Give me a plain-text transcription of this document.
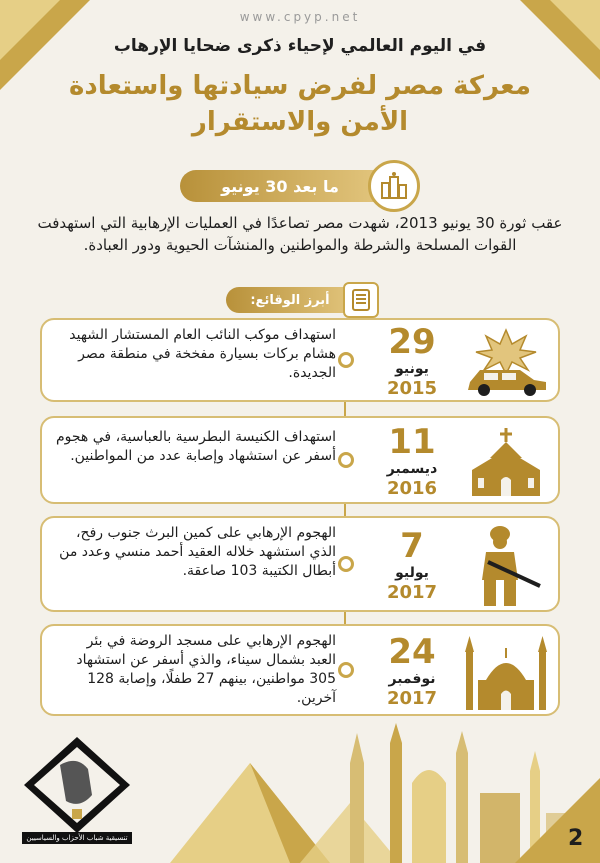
www.cpyp.net
في اليوم العالمي لإحياء ذكرى ضحايا الإرهاب
معركة مصر لفرض سيادتها واستعادة الأمن والاستقرار
ما بعد 30 يونيو
عقب ثورة 30 يونيو 2013، شهدت مصر تصاعدًا في العمليات الإرهابية التي استهدفت القوات المسلحة والشرطة والمواطنين والمنشآت الحيوية ودور العبادة.
أبرز الوقائع:
استهداف موكب النائب العام المستشار الشهيد هشام بركات بسيارة مفخخة في منطقة مصر الجديدة.
29
يونيو
2015
استهداف الكنيسة البطرسية بالعباسية، في هجوم أسفر عن استشهاد وإصابة عدد من المواطنين.	11
ديسمبر
2016
الهجوم الإرهابي على كمين البرث جنوب رفح، الذي استشهد خلاله العقيد أحمد منسي وعدد من أبطال الكتيبة 103 صاعقة.
7
يوليو
2017
الهجوم الإرهابي على مسجد الروضة في بئر العبد بشمال سيناء، والذي أسفر عن استشهاد 305 مواطنين، بينهم 27 طفلًا، وإصابة 128 آخرين.
24
نوفمبر
2017
تنسيقية شباب الأحزاب والسياسيين	2
